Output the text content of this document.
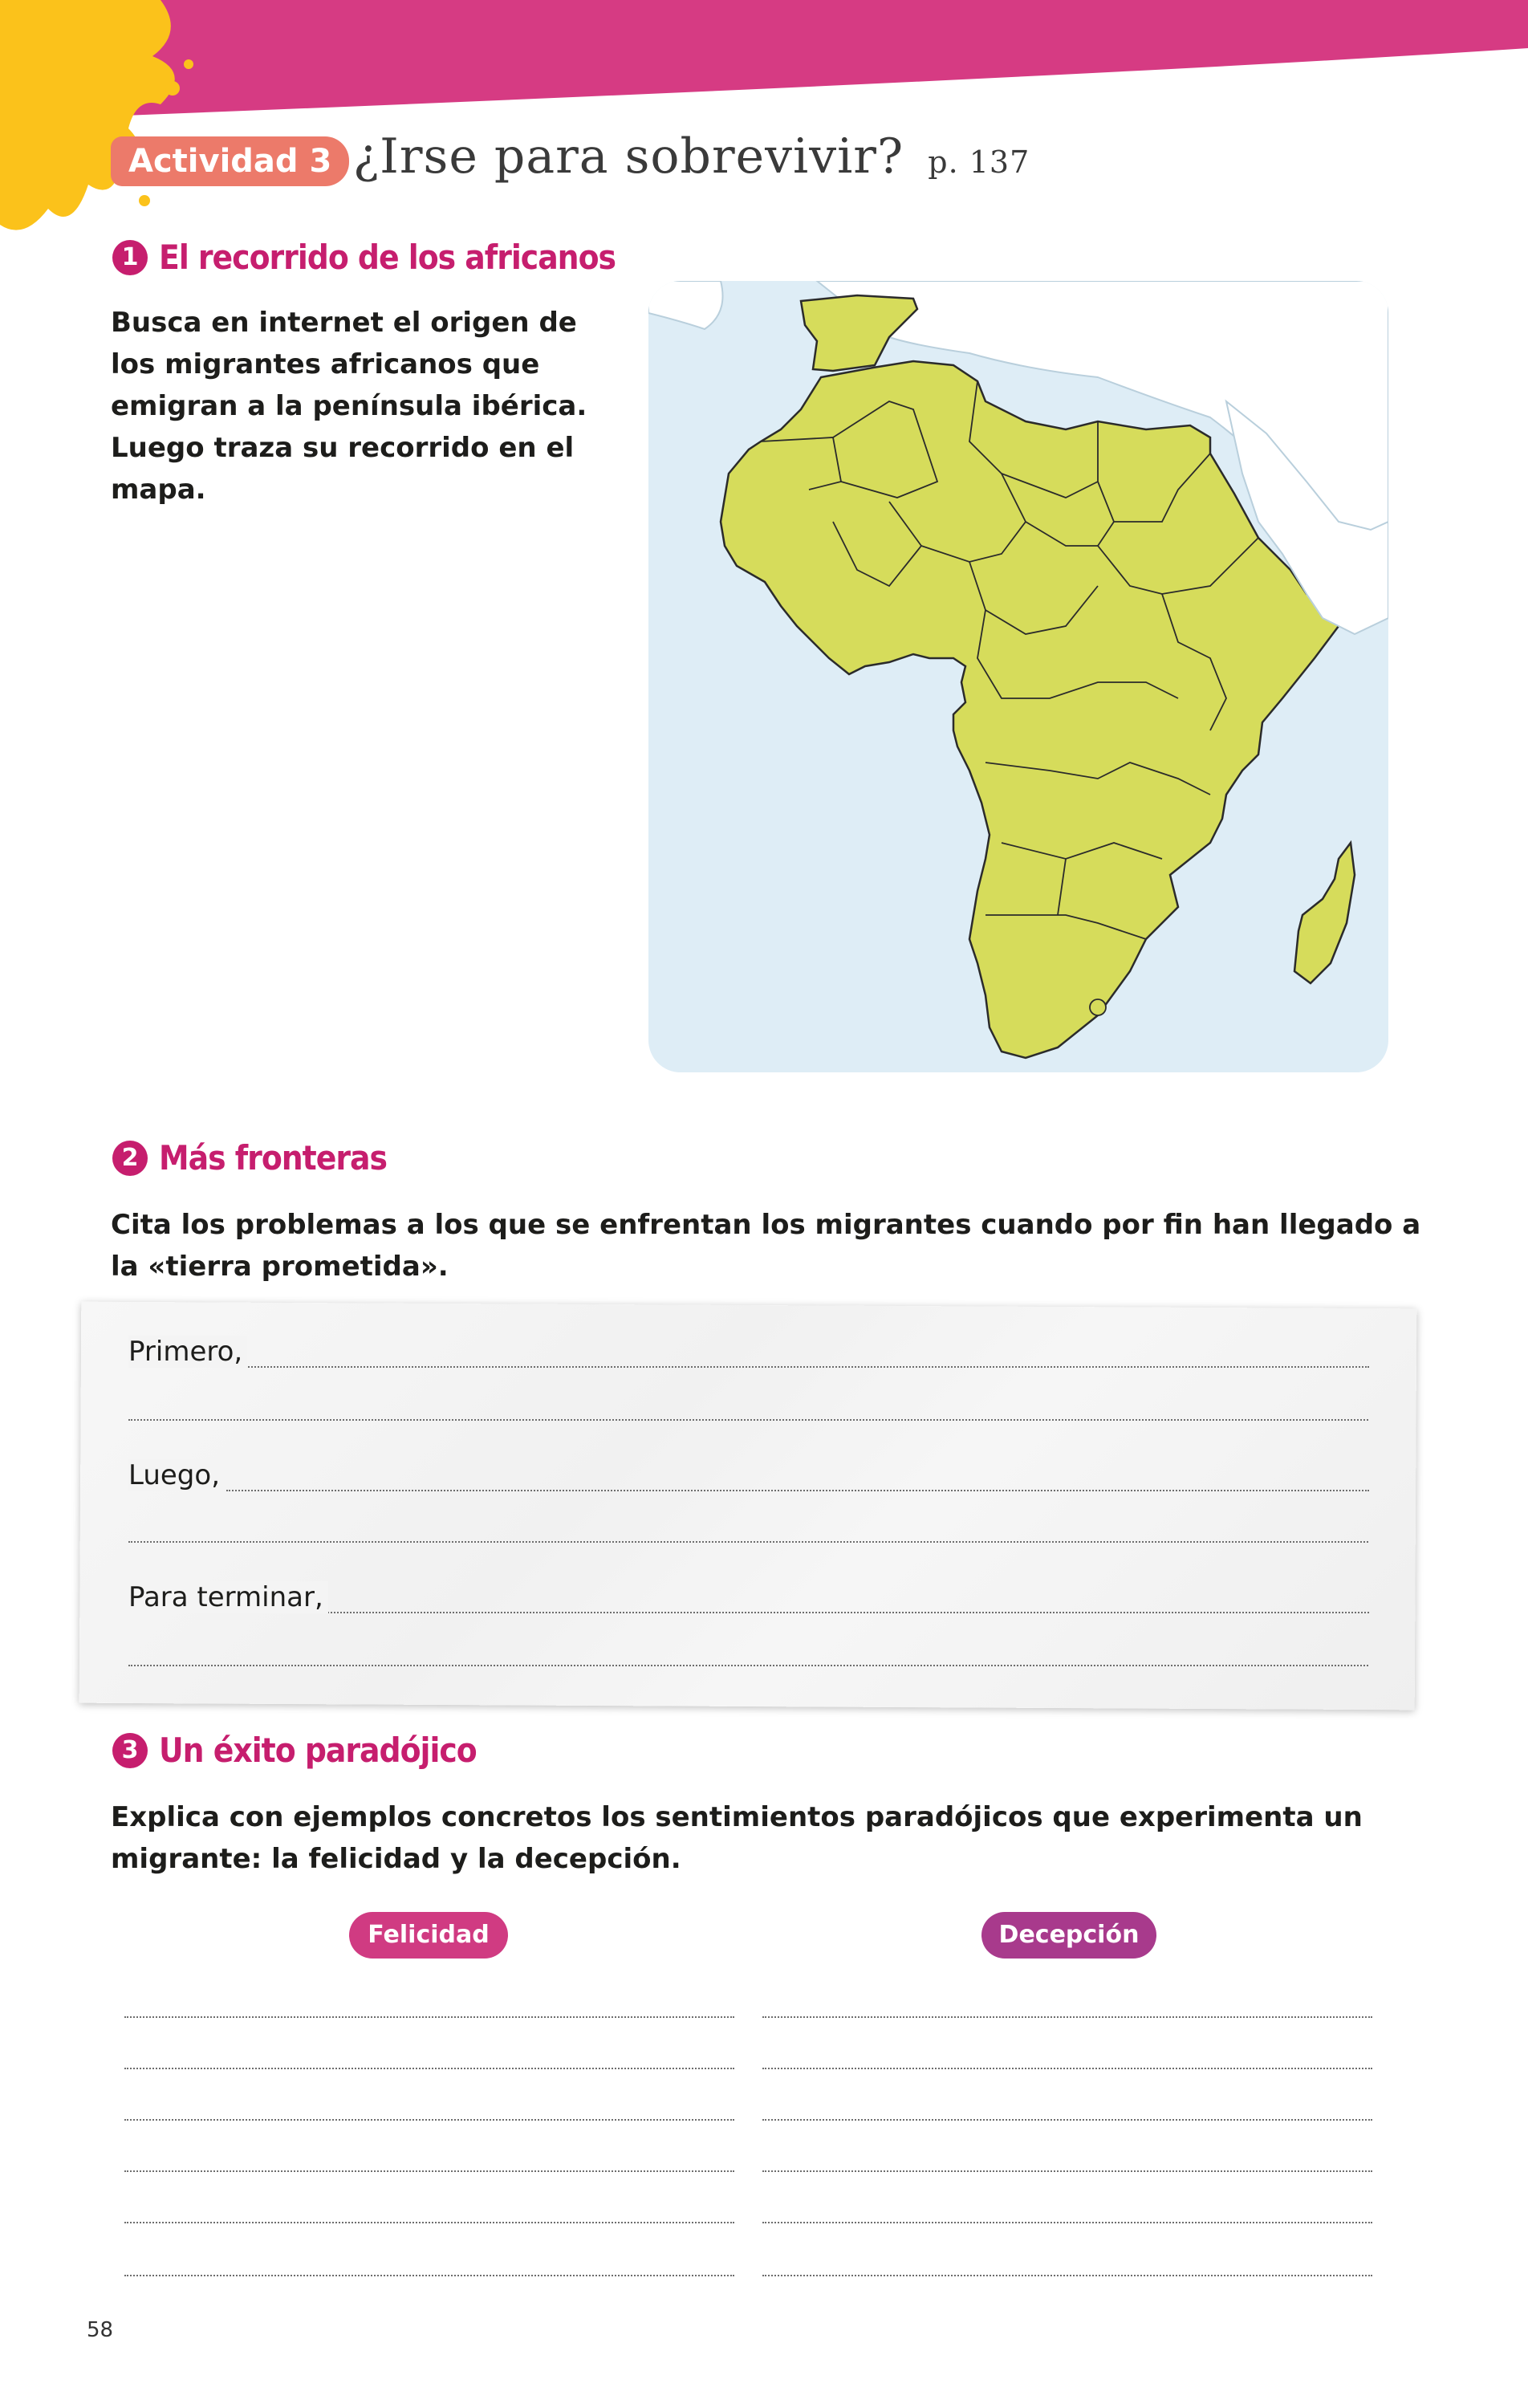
Actividad 3 ¿Irse para sobrevivir? p. 137
1 El recorrido de los africanos
Busca en internet el origen de los migrantes africanos que emigran a la península ibérica. Luego traza su recorrido en el mapa.
2 Más fronteras
Cita los problemas a los que se enfrentan los migrantes cuando por fin han llegado a la «tierra prometida».
Primero,
Luego,
Para terminar,
3 Un éxito paradójico
Explica con ejemplos concretos los sentimientos paradójicos que experimenta un migrante: la felicidad y la decepción.
Felicidad	Decepción
58
